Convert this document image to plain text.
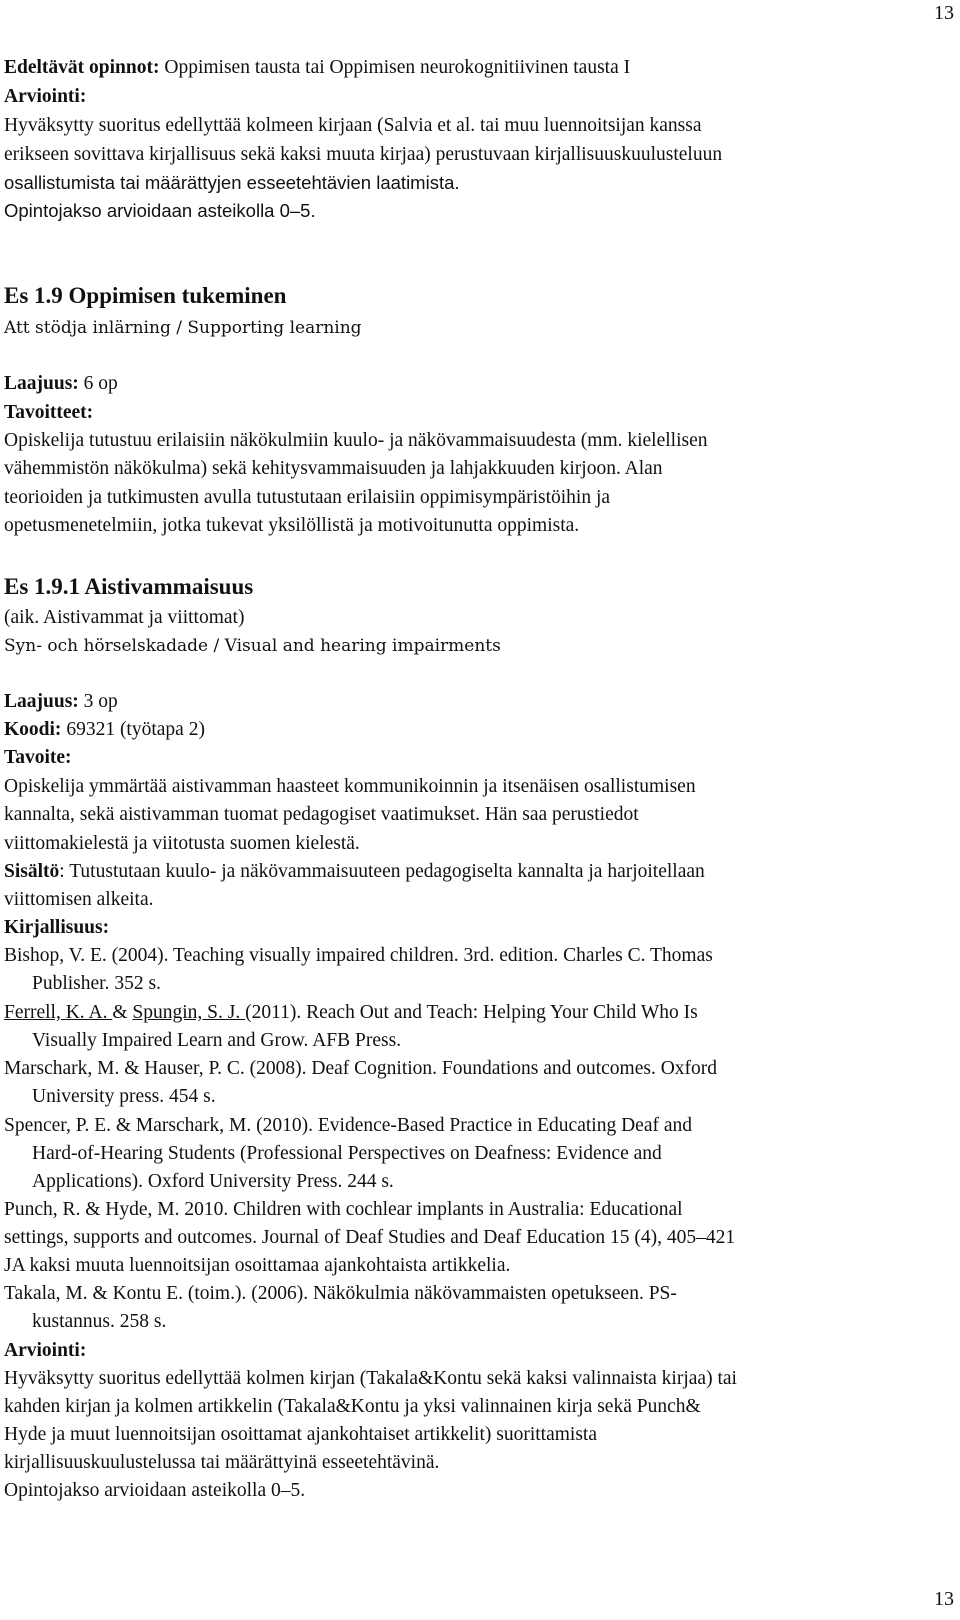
13
Edeltävät opinnot: Oppimisen tausta tai Oppimisen neurokognitiivinen tausta I
Arviointi:
Hyväksytty suoritus edellyttää kolmeen kirjaan (Salvia et al. tai muu luennoitsijan kanssa
erikseen sovittava kirjallisuus sekä kaksi muuta kirjaa) perustuvaan kirjallisuuskuulusteluun
osallistumista tai määrättyjen esseetehtävien laatimista.
Opintojakso arvioidaan asteikolla 0–5.
Es 1.9 Oppimisen tukeminen
Att stödja inlärning / Supporting learning
Laajuus: 6 op
Tavoitteet:
Opiskelija tutustuu erilaisiin näkökulmiin kuulo- ja näkövammaisuudesta (mm. kielellisen
vähemmistön näkökulma) sekä kehitysvammaisuuden ja lahjakkuuden kirjoon. Alan
teorioiden ja tutkimusten avulla tutustutaan erilaisiin oppimisympäristöihin ja
opetusmenetelmiin, jotka tukevat yksilöllistä ja motivoitunutta oppimista.
Es 1.9.1 Aistivammaisuus
(aik. Aistivammat ja viittomat)
Syn- och hörselskadade / Visual and hearing impairments
Laajuus: 3 op
Koodi: 69321 (työtapa 2)
Tavoite:
Opiskelija ymmärtää aistivamman haasteet kommunikoinnin ja itsenäisen osallistumisen
kannalta, sekä aistivamman tuomat pedagogiset vaatimukset. Hän saa perustiedot
viittomakielestä ja viitotusta suomen kielestä.
Sisältö: Tutustutaan kuulo- ja näkövammaisuuteen pedagogiselta kannalta ja harjoitellaan
viittomisen alkeita.
Kirjallisuus:
Bishop, V. E. (2004). Teaching visually impaired children. 3rd. edition. Charles C. Thomas
Publisher. 352 s.
Ferrell, K. A. & Spungin, S. J. (2011). Reach Out and Teach: Helping Your Child Who Is
Visually Impaired Learn and Grow. AFB Press.
Marschark, M. & Hauser, P. C. (2008). Deaf Cognition. Foundations and outcomes. Oxford
University press. 454 s.
Spencer, P. E. & Marschark, M. (2010). Evidence-Based Practice in Educating Deaf and
Hard-of-Hearing Students (Professional Perspectives on Deafness: Evidence and
Applications). Oxford University Press. 244 s.
Punch, R. & Hyde, M. 2010. Children with cochlear implants in Australia: Educational
settings, supports and outcomes. Journal of Deaf Studies and Deaf Education 15 (4), 405–421
JA kaksi muuta luennoitsijan osoittamaa ajankohtaista artikkelia.
Takala, M. & Kontu E. (toim.). (2006). Näkökulmia näkövammaisten opetukseen. PS-
kustannus. 258 s.
Arviointi:
Hyväksytty suoritus edellyttää kolmen kirjan (Takala&Kontu sekä kaksi valinnaista kirjaa) tai
kahden kirjan ja kolmen artikkelin (Takala&Kontu ja yksi valinnainen kirja sekä Punch&
Hyde ja muut luennoitsijan osoittamat ajankohtaiset artikkelit) suorittamista
kirjallisuuskuulustelussa tai määrättyinä esseetehtävinä.
Opintojakso arvioidaan asteikolla 0–5.
13
